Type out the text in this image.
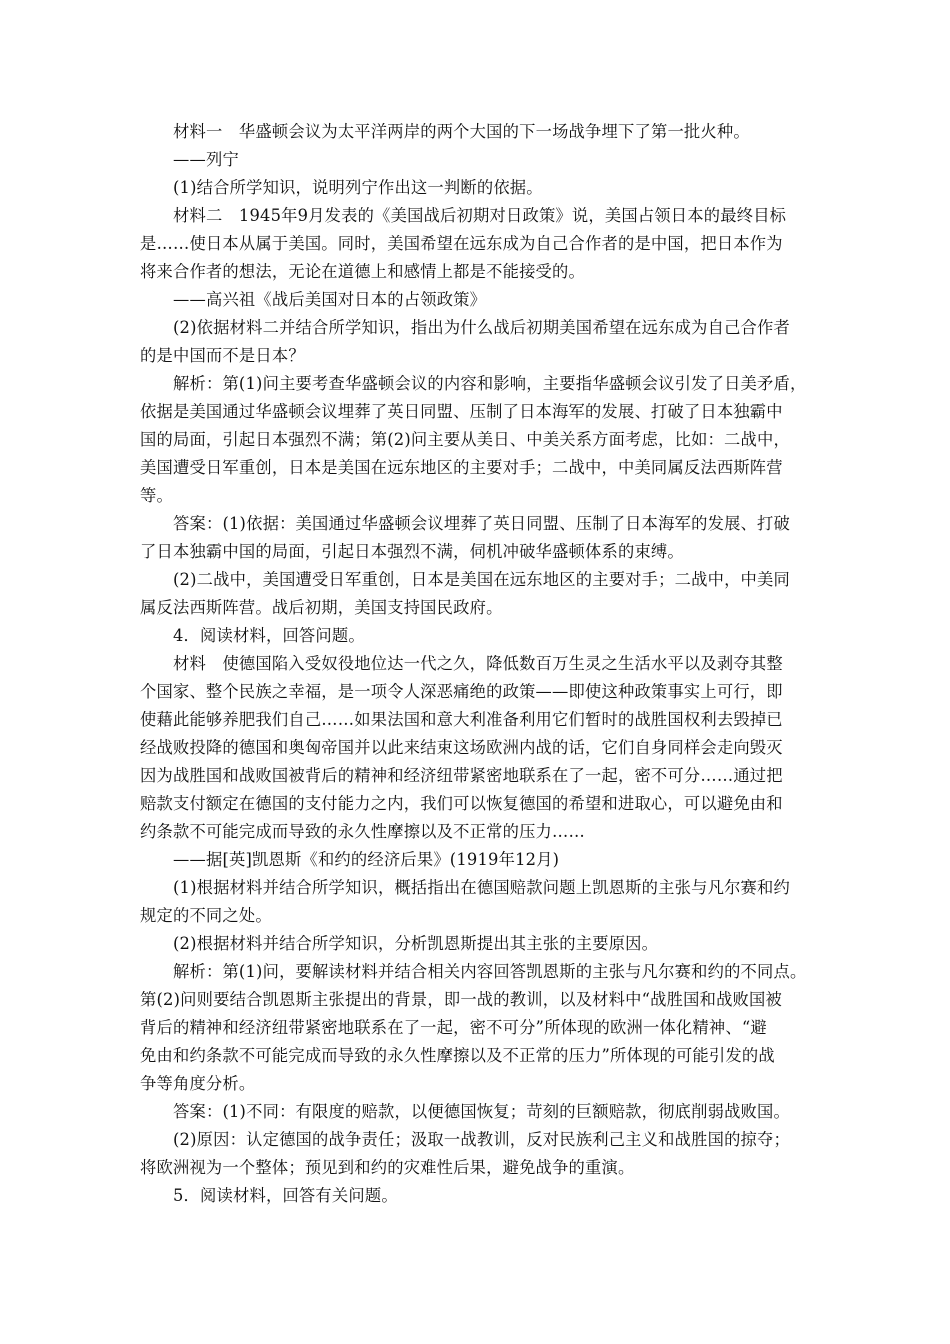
材料一　华盛顿会议为太平洋两岸的两个大国的下一场战争埋下了第一批火种。
——列宁
(1)结合所学知识，说明列宁作出这一判断的依据。
材料二　1945年9月发表的《美国战后初期对日政策》说，美国占领日本的最终目标
是……使日本从属于美国。同时，美国希望在远东成为自己合作者的是中国，把日本作为
将来合作者的想法，无论在道德上和感情上都是不能接受的。
——高兴祖《战后美国对日本的占领政策》
(2)依据材料二并结合所学知识，指出为什么战后初期美国希望在远东成为自己合作者
的是中国而不是日本？
解析：第(1)问主要考查华盛顿会议的内容和影响，主要指华盛顿会议引发了日美矛盾，
依据是美国通过华盛顿会议埋葬了英日同盟、压制了日本海军的发展、打破了日本独霸中
国的局面，引起日本强烈不满；第(2)问主要从美日、中美关系方面考虑，比如：二战中，
美国遭受日军重创，日本是美国在远东地区的主要对手；二战中，中美同属反法西斯阵营
等。
答案：(1)依据：美国通过华盛顿会议埋葬了英日同盟、压制了日本海军的发展、打破
了日本独霸中国的局面，引起日本强烈不满，伺机冲破华盛顿体系的束缚。
(2)二战中，美国遭受日军重创，日本是美国在远东地区的主要对手；二战中，中美同
属反法西斯阵营。战后初期，美国支持国民政府。
4．阅读材料，回答问题。
材料　使德国陷入受奴役地位达一代之久，降低数百万生灵之生活水平以及剥夺其整
个国家、整个民族之幸福，是一项令人深恶痛绝的政策——即使这种政策事实上可行，即
使藉此能够养肥我们自己……如果法国和意大利准备利用它们暂时的战胜国权利去毁掉已
经战败投降的德国和奥匈帝国并以此来结束这场欧洲内战的话，它们自身同样会走向毁灭
因为战胜国和战败国被背后的精神和经济纽带紧密地联系在了一起，密不可分……通过把
赔款支付额定在德国的支付能力之内，我们可以恢复德国的希望和进取心，可以避免由和
约条款不可能完成而导致的永久性摩擦以及不正常的压力……
——据[英]凯恩斯《和约的经济后果》(1919年12月)
(1)根据材料并结合所学知识，概括指出在德国赔款问题上凯恩斯的主张与凡尔赛和约
规定的不同之处。
(2)根据材料并结合所学知识，分析凯恩斯提出其主张的主要原因。
解析：第(1)问，要解读材料并结合相关内容回答凯恩斯的主张与凡尔赛和约的不同点。
第(2)问则要结合凯恩斯主张提出的背景，即一战的教训，以及材料中“战胜国和战败国被
背后的精神和经济纽带紧密地联系在了一起，密不可分”所体现的欧洲一体化精神、“避
免由和约条款不可能完成而导致的永久性摩擦以及不正常的压力”所体现的可能引发的战
争等角度分析。
答案：(1)不同：有限度的赔款，以便德国恢复；苛刻的巨额赔款，彻底削弱战败国。
(2)原因：认定德国的战争责任；汲取一战教训，反对民族利己主义和战胜国的掠夺；
将欧洲视为一个整体；预见到和约的灾难性后果，避免战争的重演。
5．阅读材料，回答有关问题。
